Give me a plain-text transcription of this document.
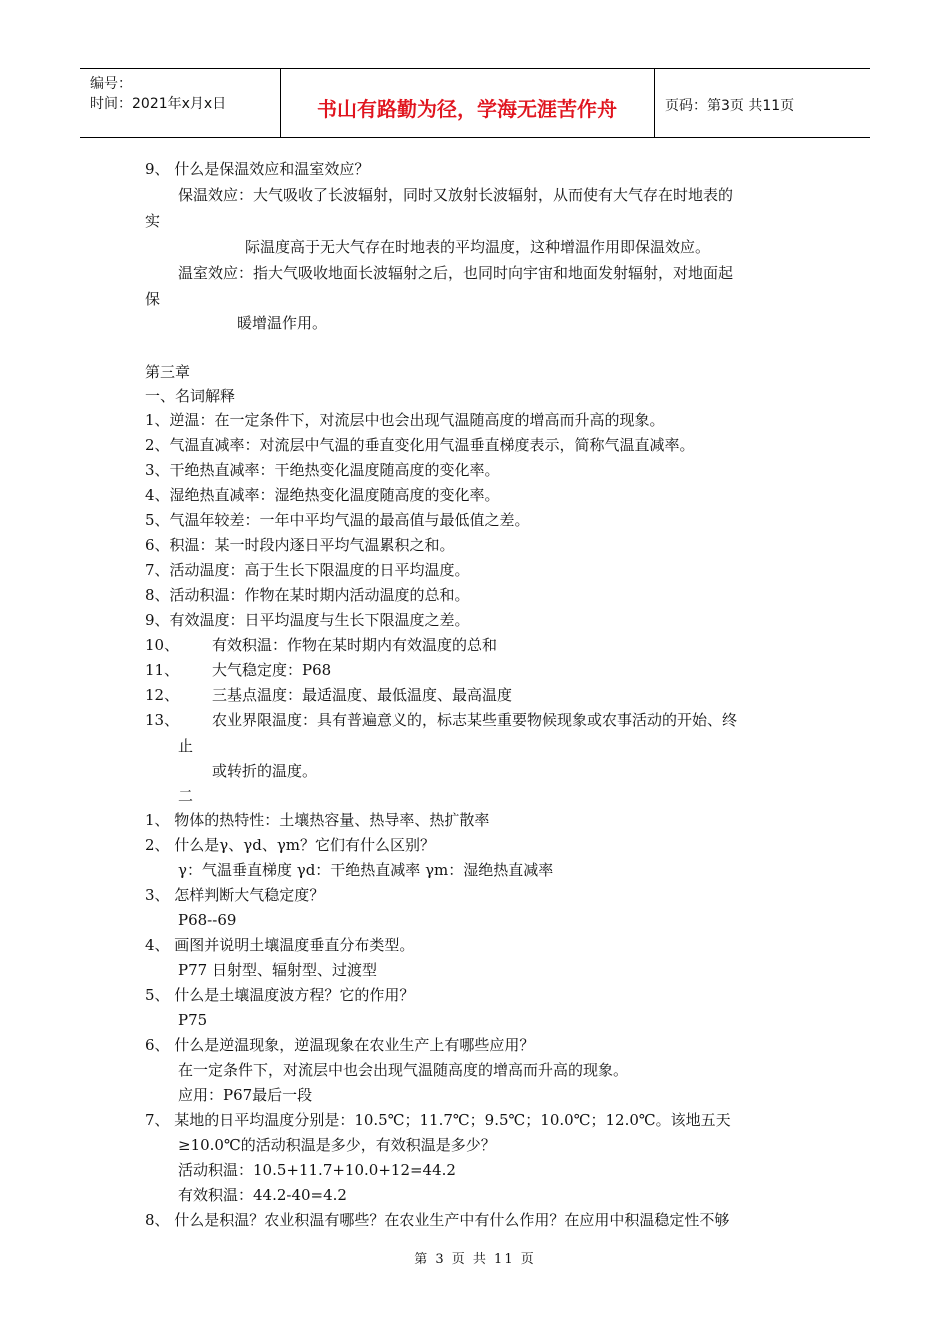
编号：
时间：2021年x月x日	书山有路勤为径，学海无涯苦作舟	页码：第3页 共11页
9、 什么是保温效应和温室效应？
保温效应：大气吸收了长波辐射，同时又放射长波辐射，从而使有大气存在时地表的
实
际温度高于无大气存在时地表的平均温度，这种增温作用即保温效应。
温室效应：指大气吸收地面长波辐射之后，也同时向宇宙和地面发射辐射，对地面起
保
暖增温作用。
第三章
一、名词解释
1、逆温：在一定条件下，对流层中也会出现气温随高度的增高而升高的现象。
2、气温直减率：对流层中气温的垂直变化用气温垂直梯度表示，简称气温直减率。
3、干绝热直减率：干绝热变化温度随高度的变化率。
4、湿绝热直减率：湿绝热变化温度随高度的变化率。
5、气温年较差：一年中平均气温的最高值与最低值之差。
6、积温：某一时段内逐日平均气温累积之和。
7、活动温度：高于生长下限温度的日平均温度。
8、活动积温：作物在某时期内活动温度的总和。
9、有效温度：日平均温度与生长下限温度之差。
10、 有效积温：作物在某时期内有效温度的总和
11、 大气稳定度：P68
12、 三基点温度：最适温度、最低温度、最高温度
13、 农业界限温度：具有普遍意义的，标志某些重要物候现象或农事活动的开始、终
止
或转折的温度。
二
1、 物体的热特性：土壤热容量、热导率、热扩散率
2、 什么是γ、γd、γm？它们有什么区别？
γ：气温垂直梯度 γd：干绝热直减率 γm：湿绝热直减率
3、 怎样判断大气稳定度？
P68--69
4、 画图并说明土壤温度垂直分布类型。
P77 日射型、辐射型、过渡型
5、 什么是土壤温度波方程？它的作用？
P75
6、 什么是逆温现象，逆温现象在农业生产上有哪些应用？
在一定条件下，对流层中也会出现气温随高度的增高而升高的现象。
应用：P67最后一段
7、 某地的日平均温度分别是：10.5℃；11.7℃；9.5℃；10.0℃；12.0℃。该地五天
≥10.0℃的活动积温是多少，有效积温是多少？
活动积温：10.5+11.7+10.0+12=44.2
有效积温：44.2-40=4.2
8、 什么是积温？农业积温有哪些？在农业生产中有什么作用？在应用中积温稳定性不够
第 3 页 共 11 页
